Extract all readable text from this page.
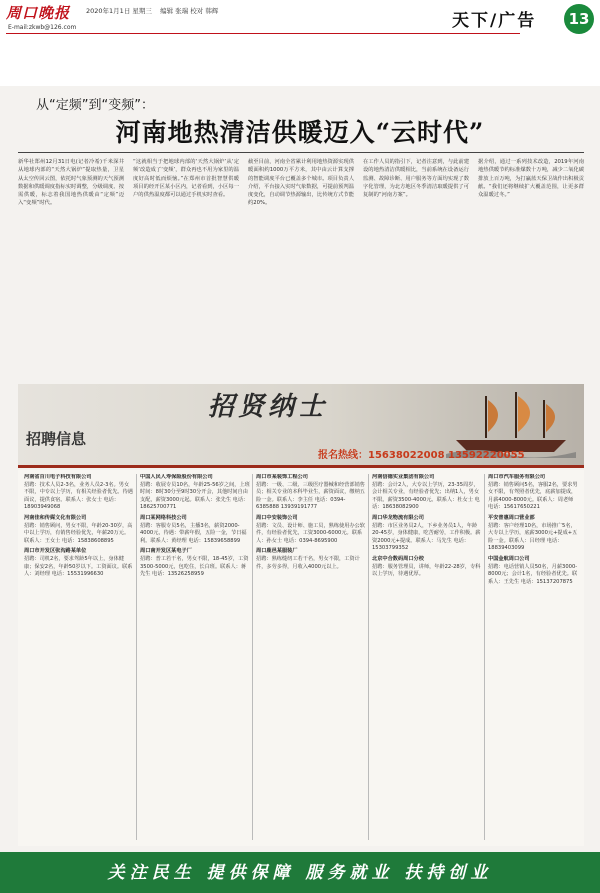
周口晚报	2020年1月1日 星期三 编辑 张瑞 校对 韩辉
E-mail:zkwb@126.com	天下/广告	13
从“定频”到“变频”：
河南地热清洁供暖迈入“云时代”
新华社郑州12月31日电(记者冷希)千米深井从地球内部的“天然大锅炉”提取热量，卫星从太空传回云图，依托时气象预测的天气预测数据和供暖调度指标实时调整，分级调度、按需供暖，标志着我国地热供暖由“定频”迈入“变频”时代。
“这就相当于把地球内部的‘天然大锅炉’从‘定频’改造成了‘变频’，群众再也不用为家里的温度好高时低而烦恼。”在郑州市首批智慧供暖项目的经开区某小区内，记者看到，小区每一户的供热温度都可以通过手机实时查看。
截至目前，河南全省累计利用地热资源实现供暖面积约1000万平方米，其中由云计算支撑的智能调度平台已覆盖多个城市。项目负责人介绍，平台接入实时气象数据，可提前预判温度变化，自动调节热源输出，比传统方式节能约20%。
在工作人员的指引下，记者注意到，与此前建设的地热清洁供暖相比，当前系统在设备运行监测、故障诊断、用户服务等方面均实现了数字化管理，为北方地区冬季清洁取暖提供了可复制的“河南方案”。
据介绍，通过一系列技术改造，2019年河南地热供暖节约标准煤数十万吨，减少二氧化碳排放上百万吨，为打赢蓝天保卫战作出积极贡献。“我们还将继续扩大覆盖范围，让更多群众温暖过冬。”
招贤纳士
招聘信息
报名热线：15638022008 13592220055

河南省百川电子科技有限公司
招聘：技术人员2-3名，业务人员2-3名。男女不限，中专以上学历，有相关经验者优先。待遇面议，提供食宿。联系人：张女士 电话：18903949068

河南佳和传媒文化有限公司
招聘：销售顾问，男女不限，年龄20-30岁，高中以上学历，有销售经验优先，年薪20万元。联系人：王女士 电话：15838608895

周口市开发区张沟路某单位
招聘：司机2名，要求驾龄5年以上，身体健康；保安2名，年龄50岁以下。工资面议。联系人：刘经理 电话：15531996630

中国人民人寿保险股份有限公司
招聘：收展专员10名，年龄25-56岁之间，上班时间：8时30分至9时30分开会，其他时间自由支配，薪资3000元起。联系人：张先生 电话：18625700771

周口某网络科技公司
招聘：客服专员5名，主播3名，薪资2000-4000元，待遇：带薪年假，五险一金，节日福利。联系人：黄经理 电话：15839658899

周口南开发区某电子厂
招聘：普工若干名，男女不限，18-45岁，工资3500-5000元，包吃住，长白班。联系人：蒋先生 电话：13526258959

周口市某装饰工程公司
招聘：一级、二级、三级医疗器械和经营部销售员；相关专业的本科毕业生，薪资面议，缴纳五险一金。联系人：李主任 电话：0394-6385888 13939191777

周口中安装饰公司
招聘：文员、设计师、施工员，熟练使用办公软件，有经验者优先，工资3000-6000元。联系人：孙女士 电话：0394-8695900

周口鹿邑某服装厂
招聘：熟练缝纫工若干名，男女不限，工资计件，多劳多得，月收入4000元以上。

河南信德实业集团有限公司
招聘：会计2人，大专以上学历，23-35周岁，会计相关专业，有经验者优先；出纳1人，男女不限。薪资3500-4000元。联系人：杜女士 电话：18638082900

周口华龙物流有限公司
招聘：市区业务员2人，下乡业务员1人，年龄20-45岁，身体健康，吃苦耐劳，工作积极。薪资2000元+提成。联系人：马先生 电话：15303799352

北京中合数码周口分校
招聘：服务管理员，讲师，年龄22-28岁，专科以上学历，待遇优厚。

周口市汽车服务有限公司
招聘：销售顾问5名，客服2名，要求男女不限，有驾照者优先，底薪加提成，月薪4000-8000元。联系人：周老师 电话：15617650221

平安普惠周口营业部
招聘：客户经理10名，市场推广5名，大专以上学历，底薪3000元+提成+五险一金。联系人：吕经理 电话：18839403099

中国金航周口公司
招聘：电话营销人员50名，月薪3000-8000元；会计1名，有经验者优先。联系人：王先生 电话：15137207875

关注民生 提供保障 服务就业 扶持创业
